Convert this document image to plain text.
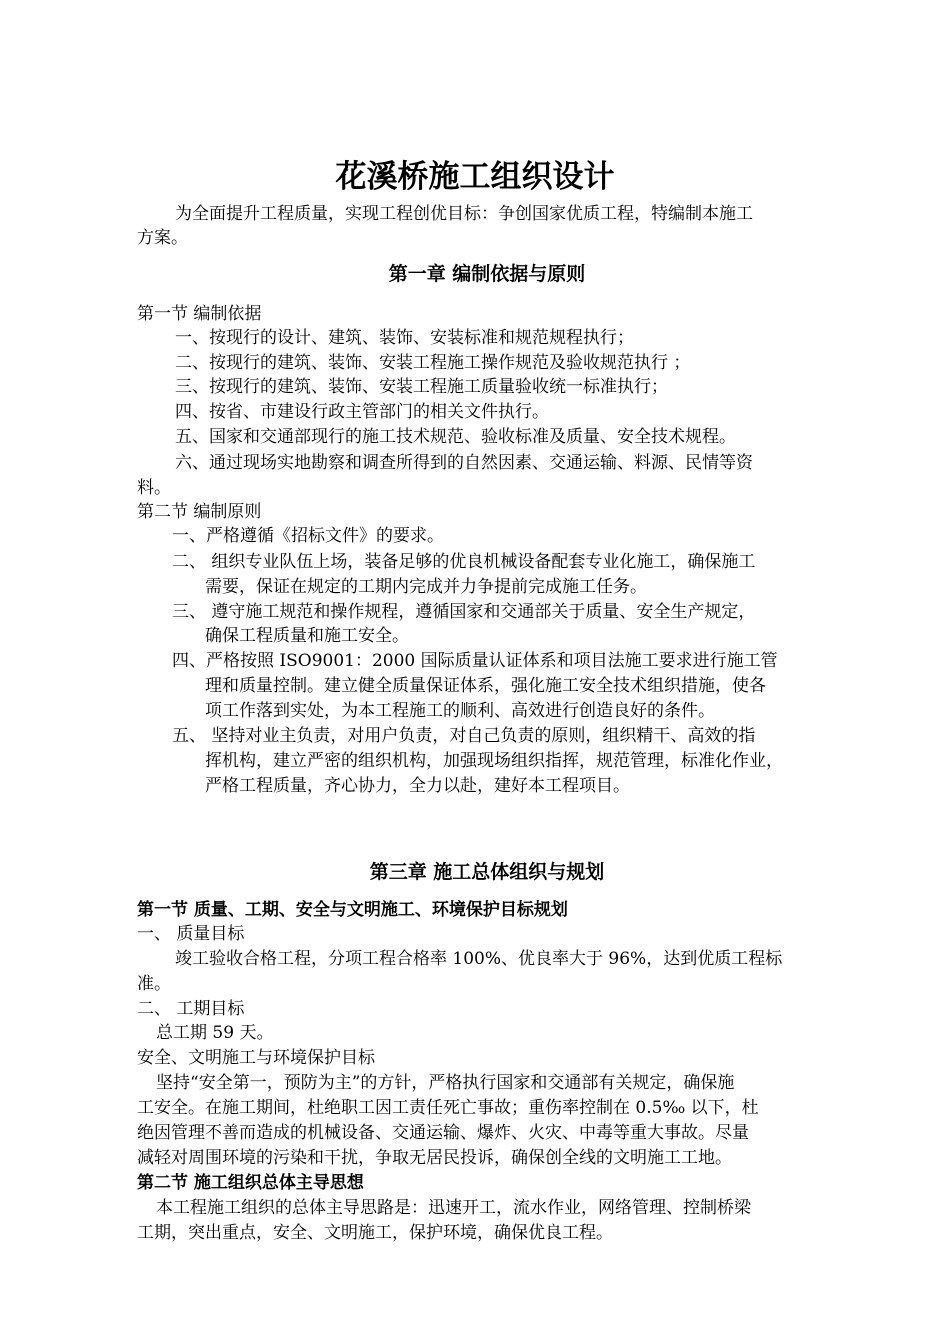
花溪桥施工组织设计
为全面提升工程质量，实现工程创优目标：争创国家优质工程，特编制本施工
方案。
第一章 编制依据与原则
第一节 编制依据
一、按现行的设计、建筑、装饰、安装标准和规范规程执行；
二、按现行的建筑、装饰、安装工程施工操作规范及验收规范执行 ；
三、按现行的建筑、装饰、安装工程施工质量验收统一标准执行；
四、按省、市建设行政主管部门的相关文件执行。
五、国家和交通部现行的施工技术规范、验收标准及质量、安全技术规程。
六、通过现场实地勘察和调查所得到的自然因素、交通运输、料源、民情等资
料。
第二节 编制原则
一、严格遵循《招标文件》的要求。
二、 组织专业队伍上场，装备足够的优良机械设备配套专业化施工，确保施工
需要，保证在规定的工期内完成并力争提前完成施工任务。
三、 遵守施工规范和操作规程，遵循国家和交通部关于质量、安全生产规定，
确保工程质量和施工安全。
四、严格按照 ISO9001：2000 国际质量认证体系和项目法施工要求进行施工管
理和质量控制。建立健全质量保证体系，强化施工安全技术组织措施，使各
项工作落到实处，为本工程施工的顺利、高效进行创造良好的条件。
五、 坚持对业主负责，对用户负责，对自己负责的原则，组织精干、高效的指
挥机构，建立严密的组织机构，加强现场组织指挥，规范管理，标准化作业，
严格工程质量，齐心协力，全力以赴，建好本工程项目。
第三章 施工总体组织与规划
第一节 质量、工期、安全与文明施工、环境保护目标规划
一、 质量目标
竣工验收合格工程，分项工程合格率 100%、优良率大于 96%，达到优质工程标
准。
二、 工期目标
总工期 59 天。
安全、文明施工与环境保护目标
坚持“安全第一，预防为主”的方针，严格执行国家和交通部有关规定，确保施
工安全。在施工期间，杜绝职工因工责任死亡事故；重伤率控制在 0.5‰ 以下，杜
绝因管理不善而造成的机械设备、交通运输、爆炸、火灾、中毒等重大事故。尽量
减轻对周围环境的污染和干扰，争取无居民投诉，确保创全线的文明施工工地。
第二节 施工组织总体主导思想
本工程施工组织的总体主导思路是：迅速开工，流水作业，网络管理、控制桥梁
工期，突出重点，安全、文明施工，保护环境，确保优良工程。
